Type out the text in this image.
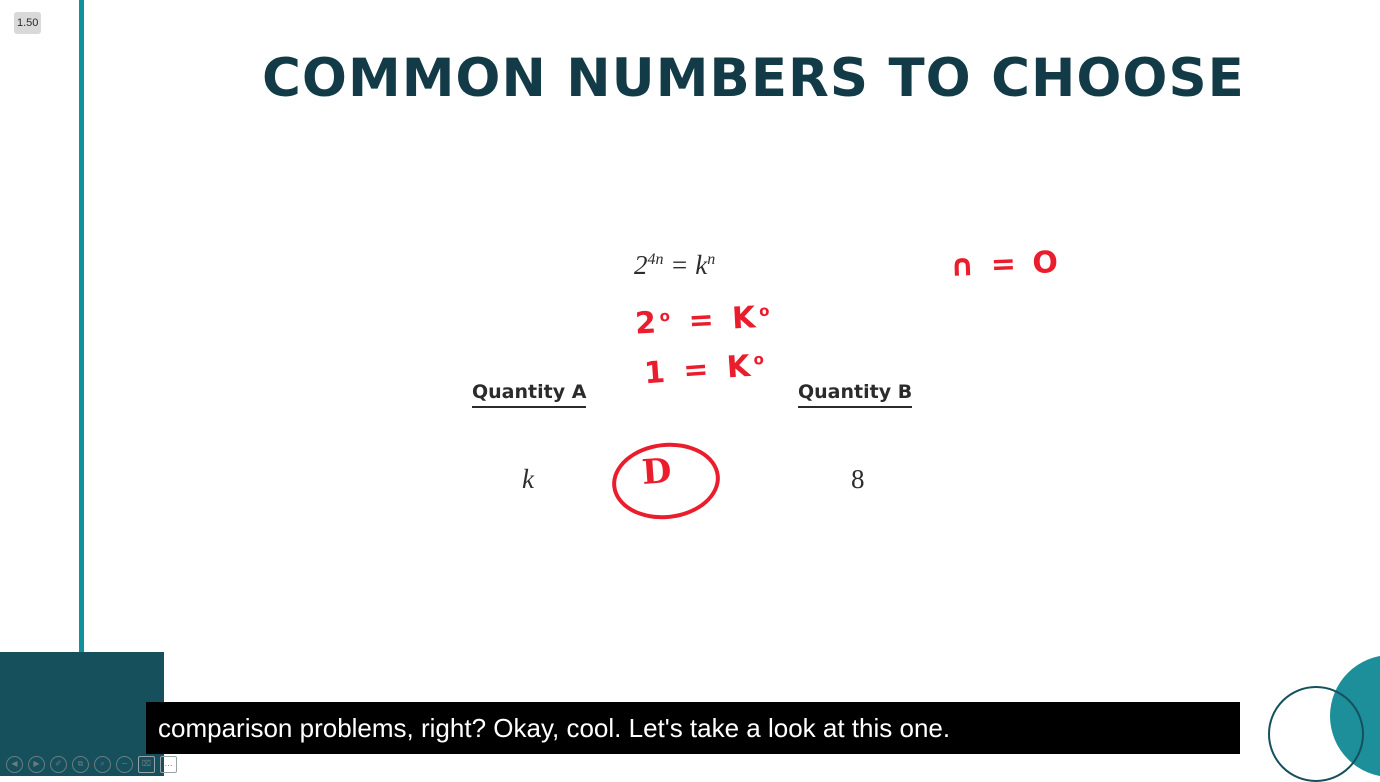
1.50
COMMON NUMBERS TO CHOOSE
$2^{4n} = k^n$
Quantity A	Quantity B
k	8
∩ = O
$2^o = K^o$
$1 = K^o$
D
comparison problems, right? Okay, cool. Let's take a look at this one.
◀	▶	✐	⧉	⌕	−	⌧	…
